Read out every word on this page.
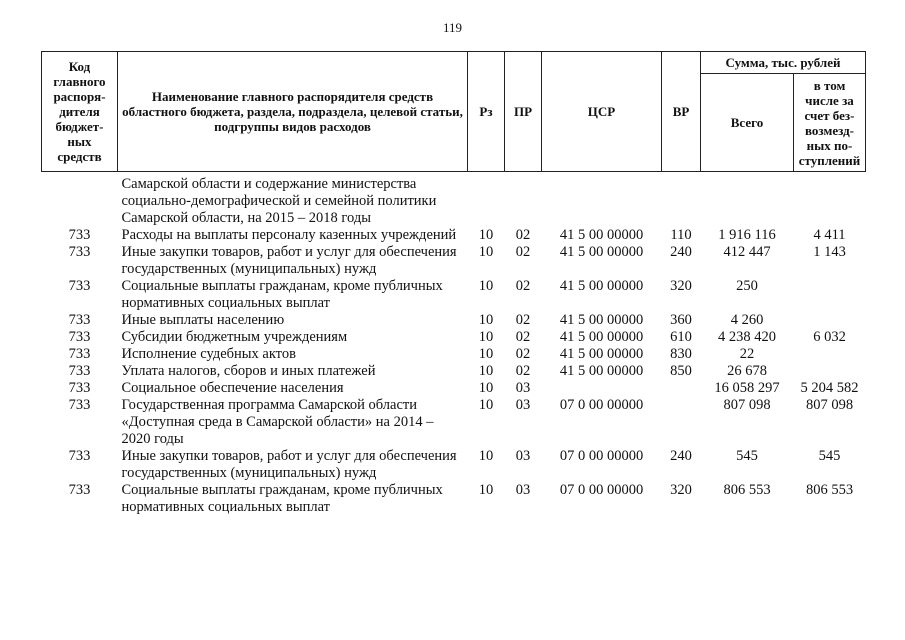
119
Код главного распоря-дителя бюджет-ных средств	Наименование главного распорядителя средств областного бюджета, раздела, подраздела, целевой статьи, подгруппы видов расходов	Рз	ПР	ЦСР	ВР	Сумма, тыс. рублей	
						Всего	в том числе за счет без-возмезд-ных по-ступлений
	Самарской области и содержание министерства социально-демографической и семейной политики Самарской области, на 2015 – 2018 годы						
733	Расходы на выплаты персоналу казенных учреждений	10	02	41 5 00 00000	110	1 916 116	4 411
733	Иные закупки товаров, работ и услуг для обеспечения государственных (муниципальных) нужд	10	02	41 5 00 00000	240	412 447	1 143
733	Социальные выплаты гражданам, кроме публичных нормативных социальных выплат	10	02	41 5 00 00000	320	250	
733	Иные выплаты населению	10	02	41 5 00 00000	360	4 260	
733	Субсидии бюджетным учреждениям	10	02	41 5 00 00000	610	4 238 420	6 032
733	Исполнение судебных актов	10	02	41 5 00 00000	830	22	
733	Уплата налогов, сборов и иных платежей	10	02	41 5 00 00000	850	26 678	
733	Социальное обеспечение населения	10	03			16 058 297	5 204 582
733	Государственная программа Самарской области «Доступная среда в Самарской области» на 2014 – 2020 годы	10	03	07 0 00 00000		807 098	807 098
733	Иные закупки товаров, работ и услуг для обеспечения государственных (муниципальных) нужд	10	03	07 0 00 00000	240	545	545
733	Социальные выплаты гражданам, кроме публичных нормативных социальных выплат	10	03	07 0 00 00000	320	806 553	806 553
